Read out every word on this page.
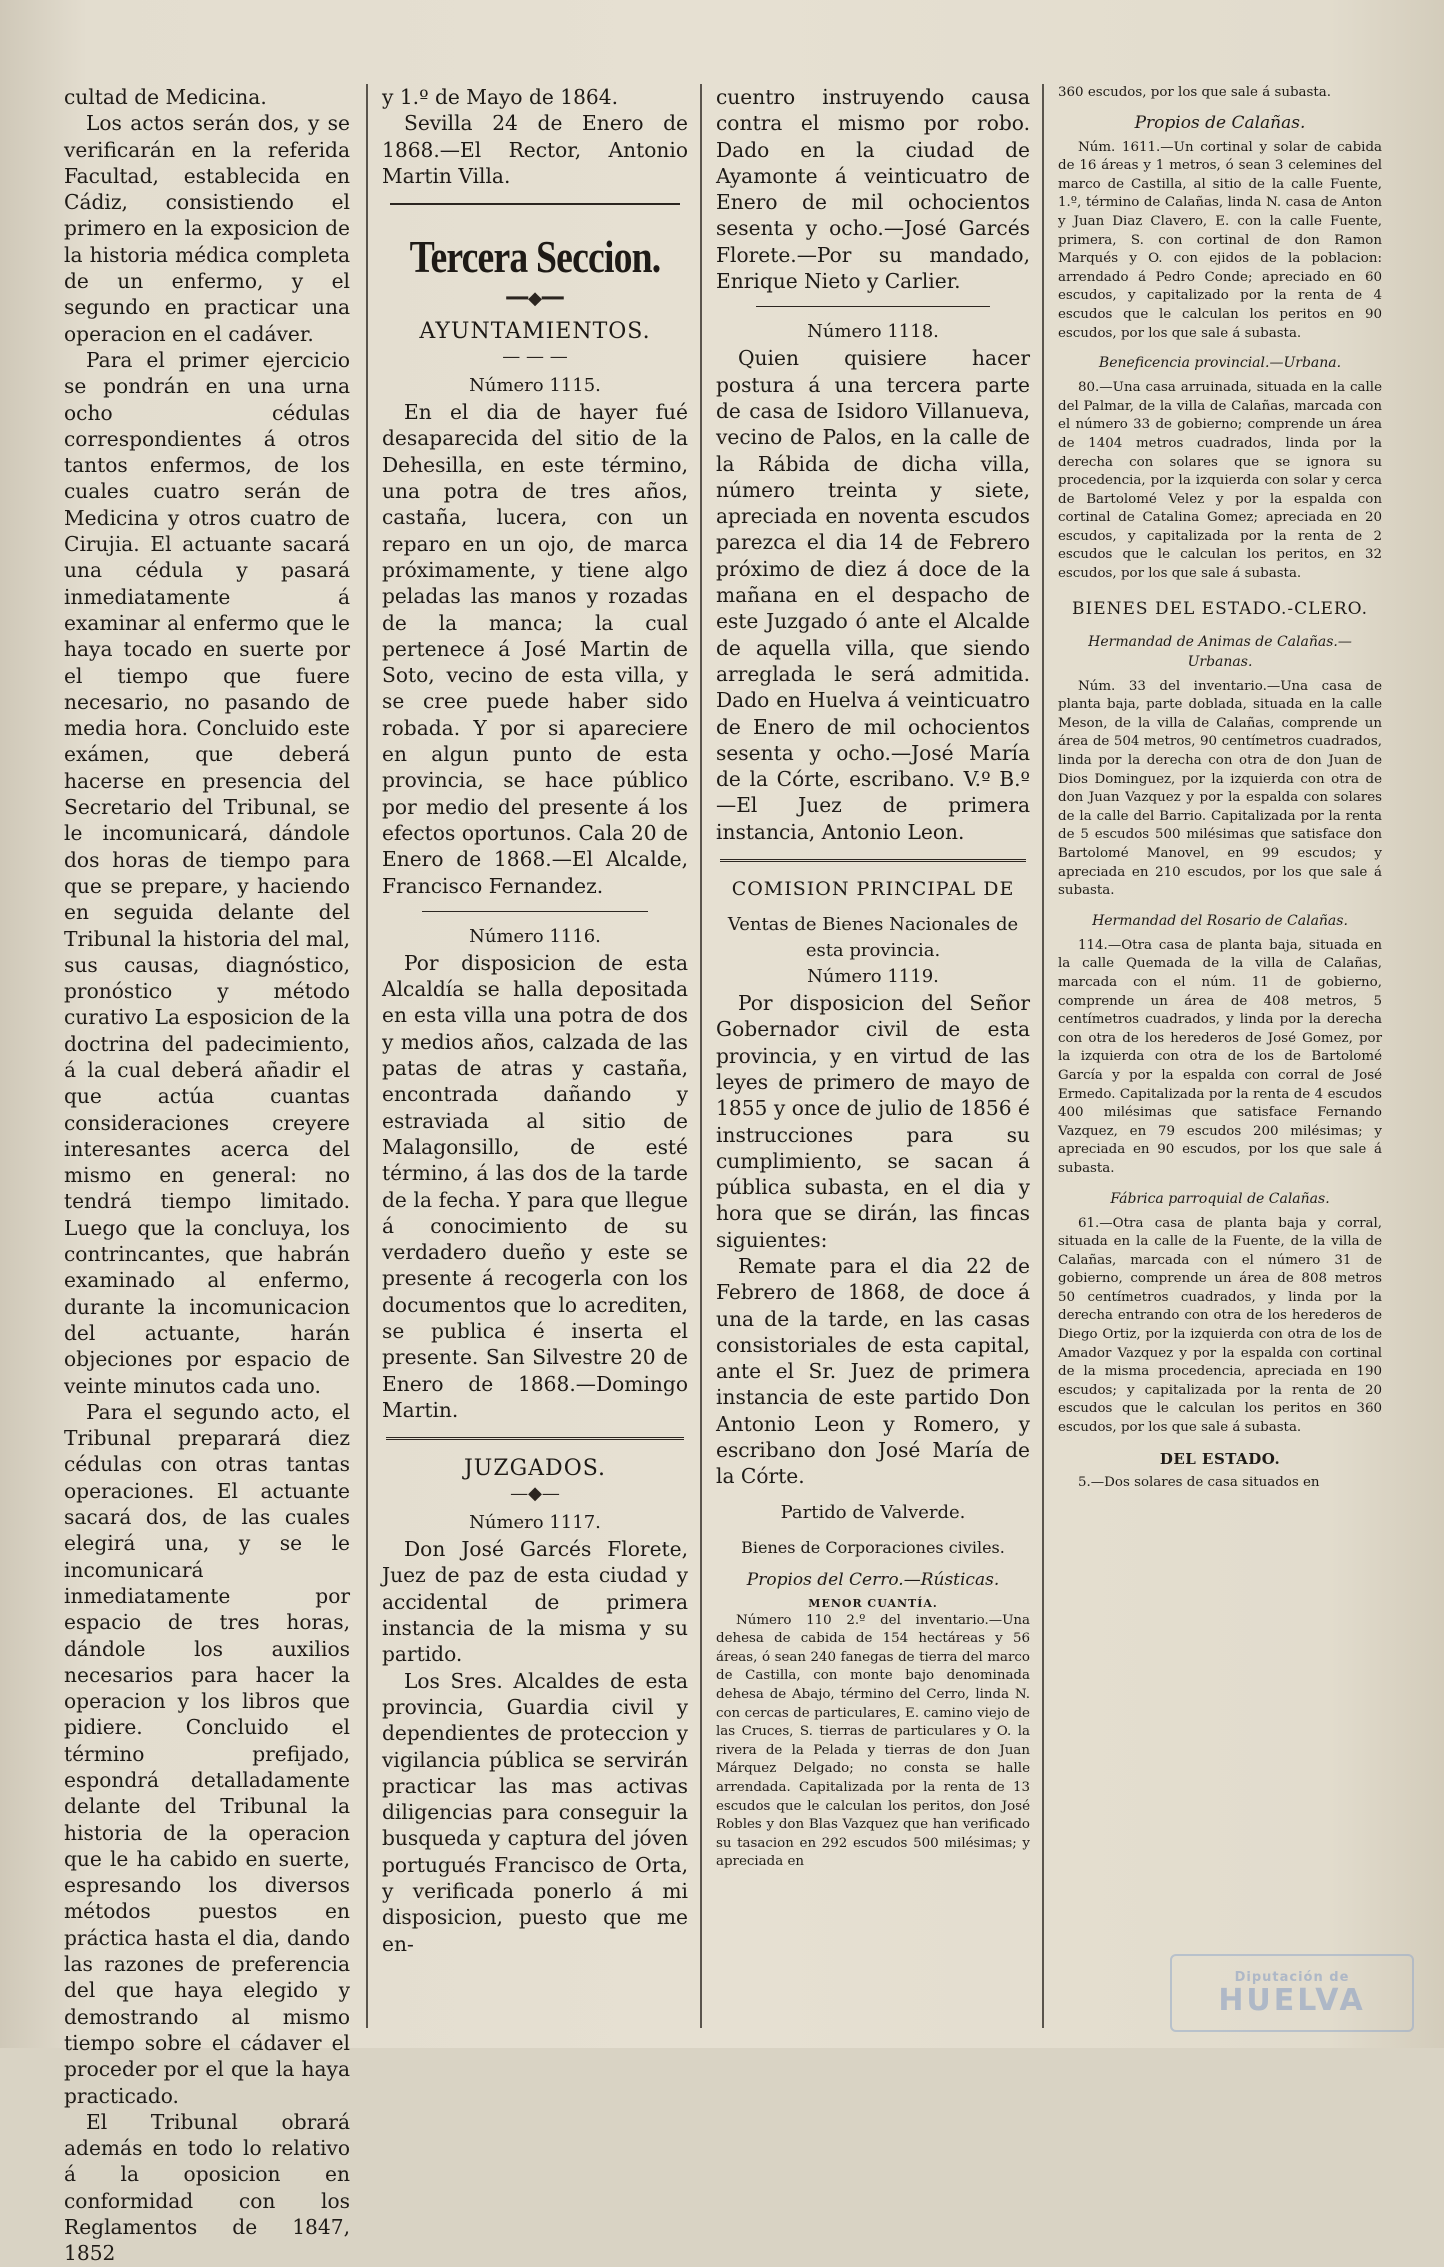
cultad de Medicina.

Los actos serán dos, y se verificarán en la referida Facultad, establecida en Cádiz, consistiendo el primero en la exposicion de la historia médica completa de un enfermo, y el segundo en practicar una operacion en el cadáver.

Para el primer ejercicio se pondrán en una urna ocho cédulas correspondientes á otros tantos enfermos, de los cuales cuatro serán de Medicina y otros cuatro de Cirujia. El actuante sacará una cédula y pasará inmediatamente á examinar al enfermo que le haya tocado en suerte por el tiempo que fuere necesario, no pasando de media hora. Concluido este exámen, que deberá hacerse en presencia del Secretario del Tribunal, se le incomunicará, dándole dos horas de tiempo para que se prepare, y haciendo en seguida delante del Tribunal la historia del mal, sus causas, diagnóstico, pronóstico y método curativo La esposicion de la doctrina del padecimiento, á la cual deberá añadir el que actúa cuantas consideraciones creyere interesantes acerca del mismo en general: no tendrá tiempo limitado. Luego que la concluya, los contrincantes, que habrán examinado al enfermo, durante la incomunicacion del actuante, harán objeciones por espacio de veinte minutos cada uno.

Para el segundo acto, el Tribunal preparará diez cédulas con otras tantas operaciones. El actuante sacará dos, de las cuales elegirá una, y se le incomunicará inmediatamente por espacio de tres horas, dándole los auxilios necesarios para hacer la operacion y los libros que pidiere. Concluido el término prefijado, espondrá detalladamente delante del Tribunal la historia de la operacion que le ha cabido en suerte, espresando los diversos métodos puestos en práctica hasta el dia, dando las razones de preferencia del que haya elegido y demostrando al mismo tiempo sobre el cádaver el proceder por el que la haya practicado.

El Tribunal obrará además en todo lo relativo á la oposicion en conformidad con los Reglamentos de 1847, 1852

y 1.º de Mayo de 1864.

Sevilla 24 de Enero de 1868.—El Rector, Antonio Martin Villa.

Tercera Seccion.
━━◆━━
AYUNTAMIENTOS.
— — —
Número 1115.

En el dia de hayer fué desaparecida del sitio de la Dehesilla, en este término, una potra de tres años, castaña, lucera, con un reparo en un ojo, de marca próximamente, y tiene algo peladas las manos y rozadas de la manca; la cual pertenece á José Martin de Soto, vecino de esta villa, y se cree puede haber sido robada. Y por si apareciere en algun punto de esta provincia, se hace público por medio del presente á los efectos oportunos. Cala 20 de Enero de 1868.—El Alcalde, Francisco Fernandez.

Número 1116.

Por disposicion de esta Alcaldía se halla depositada en esta villa una potra de dos y medios años, calzada de las patas de atras y castaña, encontrada dañando y estraviada al sitio de Malagonsillo, de esté término, á las dos de la tarde de la fecha. Y para que llegue á conocimiento de su verdadero dueño y este se presente á recogerla con los documentos que lo acrediten, se publica é inserta el presente. San Silvestre 20 de Enero de 1868.—Domingo Martin.

JUZGADOS.
—◆—
Número 1117.

Don José Garcés Florete, Juez de paz de esta ciudad y accidental de primera instancia de la misma y su partido.

Los Sres. Alcaldes de esta provincia, Guardia civil y dependientes de proteccion y vigilancia pública se servirán practicar las mas activas diligencias para conseguir la busqueda y captura del jóven portugués Francisco de Orta, y verificada ponerlo á mi disposicion, puesto que me en-

cuentro instruyendo causa contra el mismo por robo. Dado en la ciudad de Ayamonte á veinticuatro de Enero de mil ochocientos sesenta y ocho.—José Garcés Florete.—Por su mandado, Enrique Nieto y Carlier.

Número 1118.

Quien quisiere hacer postura á una tercera parte de casa de Isidoro Villanueva, vecino de Palos, en la calle de la Rábida de dicha villa, número treinta y siete, apreciada en noventa escudos parezca el dia 14 de Febrero próximo de diez á doce de la mañana en el despacho de este Juzgado ó ante el Alcalde de aquella villa, que siendo arreglada le será admitida. Dado en Huelva á veinticuatro de Enero de mil ochocientos sesenta y ocho.—José María de la Córte, escribano. V.º B.º—El Juez de primera instancia, Antonio Leon.

COMISION PRINCIPAL DE
Ventas de Bienes Nacionales de esta provincia.
Número 1119.

Por disposicion del Señor Gobernador civil de esta provincia, y en virtud de las leyes de primero de mayo de 1855 y once de julio de 1856 é instrucciones para su cumplimiento, se sacan á pública subasta, en el dia y hora que se dirán, las fincas siguientes:

Remate para el dia 22 de Febrero de 1868, de doce á una de la tarde, en las casas consistoriales de esta capital, ante el Sr. Juez de primera instancia de este partido Don Antonio Leon y Romero, y escribano don José María de la Córte.

Partido de Valverde.
Bienes de Corporaciones civiles.
Propios del Cerro.—Rústicas.
MENOR CUANTÍA.

Número 110 2.º del inventario.—Una dehesa de cabida de 154 hectáreas y 56 áreas, ó sean 240 fanegas de tierra del marco de Castilla, con monte bajo denominada dehesa de Abajo, término del Cerro, linda N. con cercas de particulares, E. camino viejo de las Cruces, S. tierras de particulares y O. la rivera de la Pelada y tierras de don Juan Márquez Delgado; no consta se halle arrendada. Capitalizada por la renta de 13 escudos que le calculan los peritos, don José Robles y don Blas Vazquez que han verificado su tasacion en 292 escudos 500 milésimas; y apreciada en

360 escudos, por los que sale á subasta.

Propios de Calañas.

Núm. 1611.—Un cortinal y solar de cabida de 16 áreas y 1 metros, ó sean 3 celemines del marco de Castilla, al sitio de la calle Fuente, 1.º, término de Calañas, linda N. casa de Anton y Juan Diaz Clavero, E. con la calle Fuente, primera, S. con cortinal de don Ramon Marqués y O. con ejidos de la poblacion: arrendado á Pedro Conde; apreciado en 60 escudos, y capitalizado por la renta de 4 escudos que le calculan los peritos en 90 escudos, por los que sale á subasta.

Beneficencia provincial.—Urbana.

80.—Una casa arruinada, situada en la calle del Palmar, de la villa de Calañas, marcada con el número 33 de gobierno; comprende un área de 1404 metros cuadrados, linda por la derecha con solares que se ignora su procedencia, por la izquierda con solar y cerca de Bartolomé Velez y por la espalda con cortinal de Catalina Gomez; apreciada en 20 escudos, y capitalizada por la renta de 2 escudos que le calculan los peritos, en 32 escudos, por los que sale á subasta.

BIENES DEL ESTADO.-CLERO.
Hermandad de Animas de Calañas.—Urbanas.

Núm. 33 del inventario.—Una casa de planta baja, parte doblada, situada en la calle Meson, de la villa de Calañas, comprende un área de 504 metros, 90 centímetros cuadrados, linda por la derecha con otra de don Juan de Dios Dominguez, por la izquierda con otra de don Juan Vazquez y por la espalda con solares de la calle del Barrio. Capitalizada por la renta de 5 escudos 500 milésimas que satisface don Bartolomé Manovel, en 99 escudos; y apreciada en 210 escudos, por los que sale á subasta.

Hermandad del Rosario de Calañas.

114.—Otra casa de planta baja, situada en la calle Quemada de la villa de Calañas, marcada con el núm. 11 de gobierno, comprende un área de 408 metros, 5 centímetros cuadrados, y linda por la derecha con otra de los herederos de José Gomez, por la izquierda con otra de los de Bartolomé García y por la espalda con corral de José Ermedo. Capitalizada por la renta de 4 escudos 400 milésimas que satisface Fernando Vazquez, en 79 escudos 200 milésimas; y apreciada en 90 escudos, por los que sale á subasta.

Fábrica parroquial de Calañas.

61.—Otra casa de planta baja y corral, situada en la calle de la Fuente, de la villa de Calañas, marcada con el número 31 de gobierno, comprende un área de 808 metros 50 centímetros cuadrados, y linda por la derecha entrando con otra de los herederos de Diego Ortiz, por la izquierda con otra de los de Amador Vazquez y por la espalda con cortinal de la misma procedencia, apreciada en 190 escudos; y capitalizada por la renta de 20 escudos que le calculan los peritos en 360 escudos, por los que sale á subasta.

DEL ESTADO.

5.—Dos solares de casa situados en

Diputación de
HUELVA
